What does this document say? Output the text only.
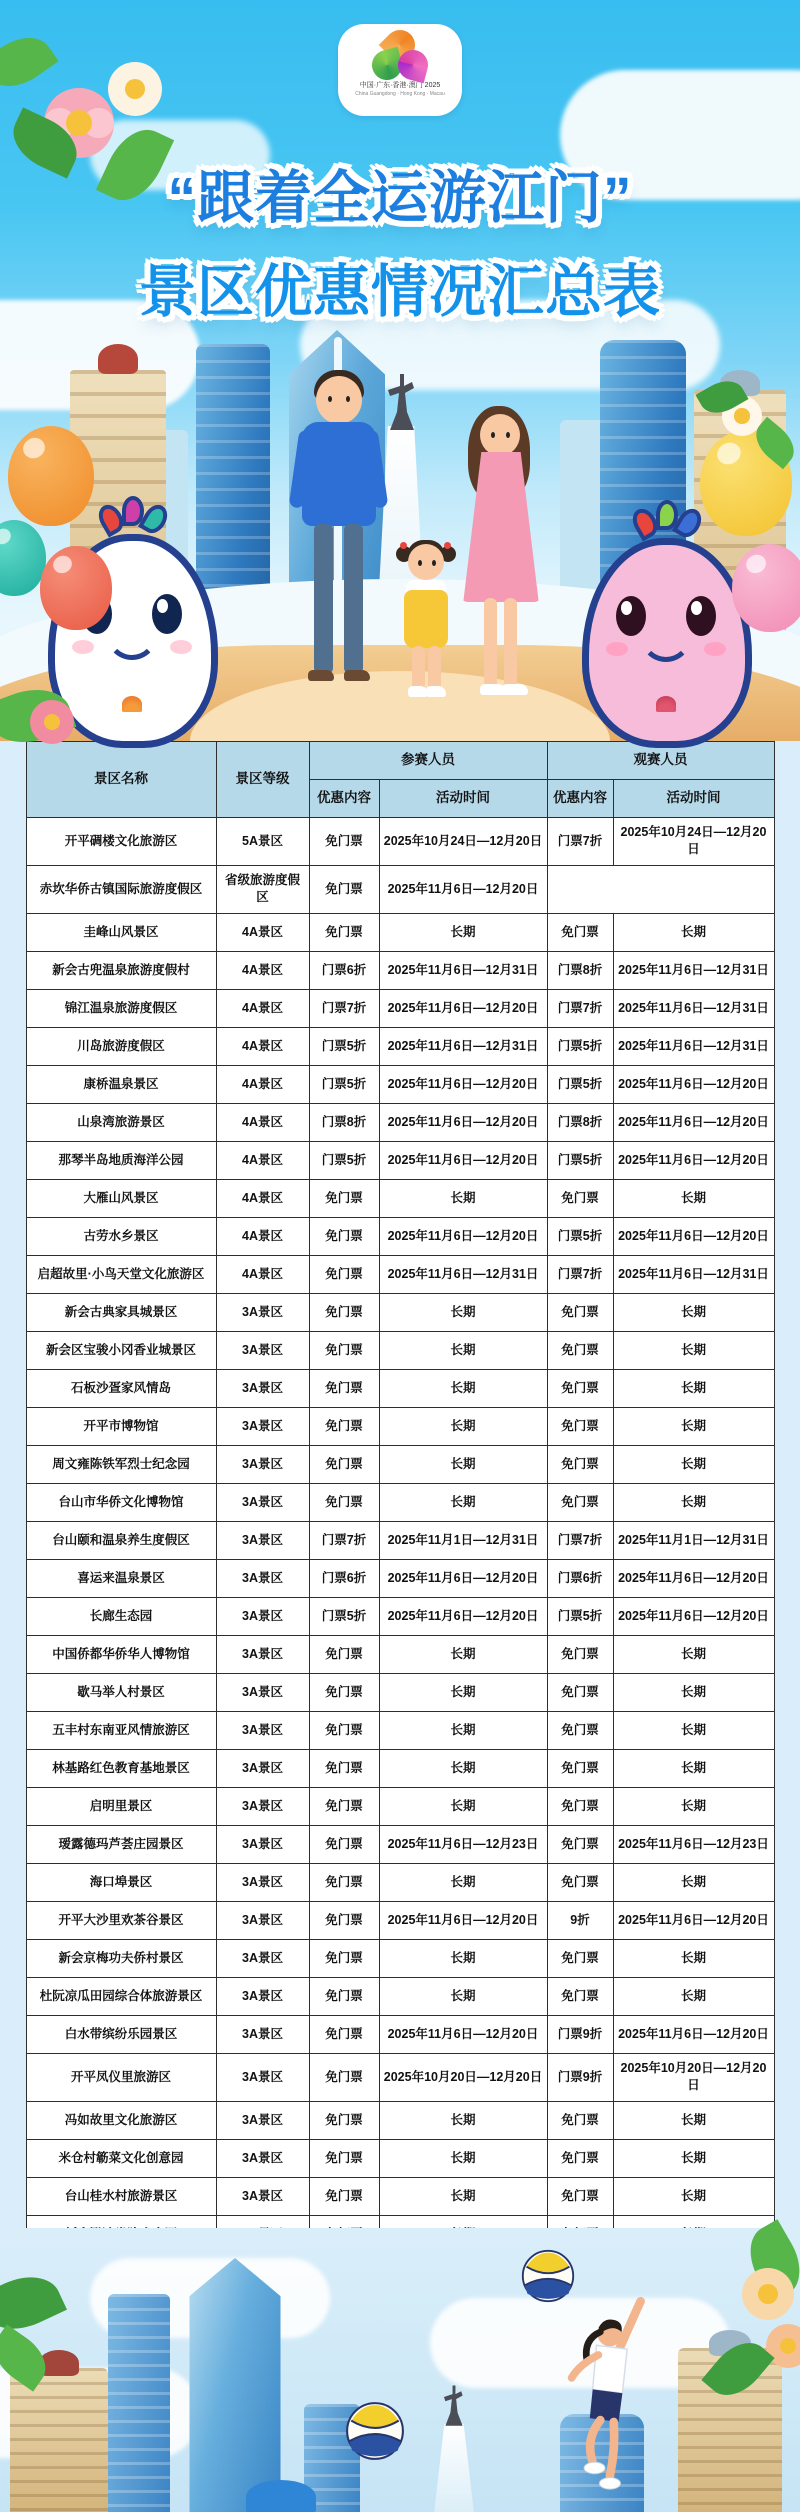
中国·广东·香港·澳门 2025
China Guangdong · Hong Kong · Macau
“跟着全运游江门”
景区优惠情况汇总表
景区名称	景区等级	参赛人员		观赛人员	
		优惠内容	活动时间	优惠内容	活动时间
开平碉楼文化旅游区	5A景区	免门票	2025年10月24日—12月20日	门票7折	2025年10月24日—12月20日
赤坎华侨古镇国际旅游度假区	省级旅游度假区	免门票	2025年11月6日—12月20日		
圭峰山风景区	4A景区	免门票	长期	免门票	长期
新会古兜温泉旅游度假村	4A景区	门票6折	2025年11月6日—12月31日	门票8折	2025年11月6日—12月31日
锦江温泉旅游度假区	4A景区	门票7折	2025年11月6日—12月20日	门票7折	2025年11月6日—12月31日
川岛旅游度假区	4A景区	门票5折	2025年11月6日—12月31日	门票5折	2025年11月6日—12月31日
康桥温泉景区	4A景区	门票5折	2025年11月6日—12月20日	门票5折	2025年11月6日—12月20日
山泉湾旅游景区	4A景区	门票8折	2025年11月6日—12月20日	门票8折	2025年11月6日—12月20日
那琴半岛地质海洋公园	4A景区	门票5折	2025年11月6日—12月20日	门票5折	2025年11月6日—12月20日
大雁山风景区	4A景区	免门票	长期	免门票	长期
古劳水乡景区	4A景区	免门票	2025年11月6日—12月20日	门票5折	2025年11月6日—12月20日
启超故里·小鸟天堂文化旅游区	4A景区	免门票	2025年11月6日—12月31日	门票7折	2025年11月6日—12月31日
新会古典家具城景区	3A景区	免门票	长期	免门票	长期
新会区宝骏小冈香业城景区	3A景区	免门票	长期	免门票	长期
石板沙疍家风情岛	3A景区	免门票	长期	免门票	长期
开平市博物馆	3A景区	免门票	长期	免门票	长期
周文雍陈铁军烈士纪念园	3A景区	免门票	长期	免门票	长期
台山市华侨文化博物馆	3A景区	免门票	长期	免门票	长期
台山颐和温泉养生度假区	3A景区	门票7折	2025年11月1日—12月31日	门票7折	2025年11月1日—12月31日
喜运来温泉景区	3A景区	门票6折	2025年11月6日—12月20日	门票6折	2025年11月6日—12月20日
长廊生态园	3A景区	门票5折	2025年11月6日—12月20日	门票5折	2025年11月6日—12月20日
中国侨都华侨华人博物馆	3A景区	免门票	长期	免门票	长期
歇马举人村景区	3A景区	免门票	长期	免门票	长期
五丰村东南亚风情旅游区	3A景区	免门票	长期	免门票	长期
林基路红色教育基地景区	3A景区	免门票	长期	免门票	长期
启明里景区	3A景区	免门票	长期	免门票	长期
瑷露德玛芦荟庄园景区	3A景区	免门票	2025年11月6日—12月23日	免门票	2025年11月6日—12月23日
海口埠景区	3A景区	免门票	长期	免门票	长期
开平大沙里欢茶谷景区	3A景区	免门票	2025年11月6日—12月20日	9折	2025年11月6日—12月20日
新会京梅功夫侨村景区	3A景区	免门票	长期	免门票	长期
杜阮凉瓜田园综合体旅游景区	3A景区	免门票	长期	免门票	长期
白水带缤纷乐园景区	3A景区	免门票	2025年11月6日—12月20日	门票9折	2025年11月6日—12月20日
开平凤仪里旅游区	3A景区	免门票	2025年10月20日—12月20日	门票9折	2025年10月20日—12月20日
冯如故里文化旅游区	3A景区	免门票	长期	免门票	长期
米仓村簕菜文化创意园	3A景区	免门票	长期	免门票	长期
台山桂水村旅游景区	3A景区	免门票	长期	免门票	长期
